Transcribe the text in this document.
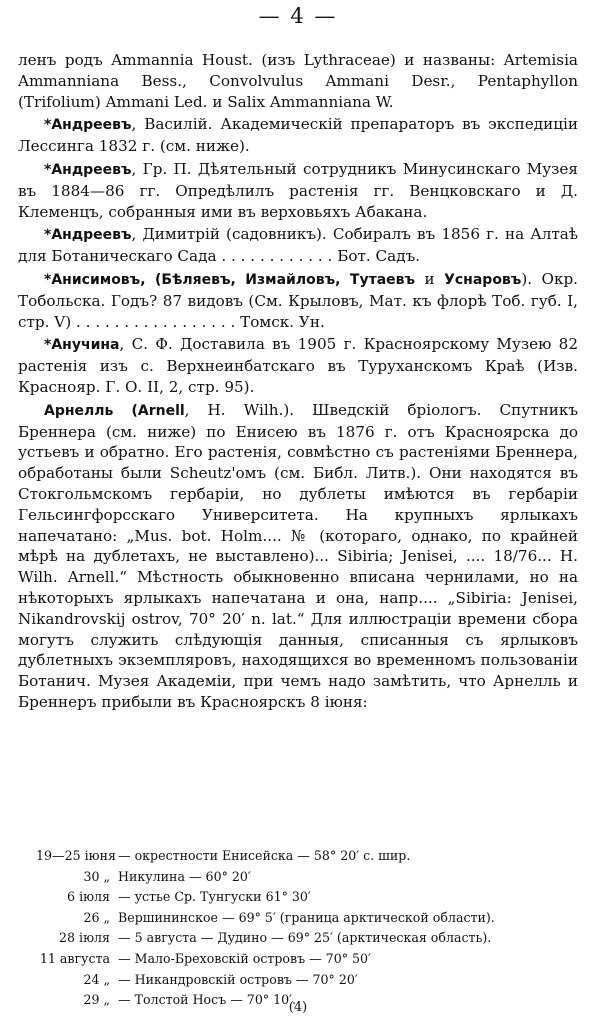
— 4 —

ленъ родъ Ammannia Houst. (изъ Lythraceae) и названы: Artemisia Ammanniana Bess., Convolvulus Ammani Desr., Pentaphyllon (Trifolium) Ammani Led. и Salix Ammanniana W.

*Андреевъ, Василій. Академическій препараторъ въ экспедиціи Лессинга 1832 г. (см. ниже).

*Андреевъ, Гр. П. Дѣятельный сотрудникъ Минусинскаго Музея въ 1884—86 гг. Опредѣлилъ растенія гг. Венцковскаго и Д. Клеменцъ, собранныя ими въ верховьяхъ Абакана.

*Андреевъ, Димитрій (садовникъ). Собиралъ въ 1856 г. на Алтаѣ для Ботаническаго Сада . . . . . . . . . . . . Бот. Садъ.

*Анисимовъ, (Бѣляевъ, Измайловъ, Тутаевъ и Уснаровъ). Окр. Тобольска. Годъ? 87 видовъ (См. Крыловъ, Мат. къ флорѣ Тоб. губ. I, стр. V) . . . . . . . . . . . . . . . . . Томск. Ун.

*Анучина, С. Ф. Доставила въ 1905 г. Красноярскому Музею 82 растенія изъ с. Верхнеинбатскаго въ Туруханскомъ Краѣ (Изв. Краснояр. Г. О. II, 2, стр. 95).

Арнелль (Arnell, H. Wilh.). Шведскій бріологъ. Спутникъ Бреннера (см. ниже) по Енисею въ 1876 г. отъ Красноярска до устьевъ и обратно. Его растенія, совмѣстно съ растеніями Бреннера, обработаны были Scheutz'омъ (см. Библ. Литв.). Они находятся въ Стокгольмскомъ гербаріи, но дублеты имѣются въ гербаріи Гельсингфорсскаго Университета. На крупныхъ ярлыкахъ напечатано: „Mus. bot. Holm.... № (котораго, однако, по крайней мѣрѣ на дублетахъ, не выставлено)... Sibiria; Jenisei, .... 18/76... H. Wilh. Arnell.“ Мѣстность обыкновенно вписана чернилами, но на нѣкоторыхъ ярлыкахъ напечатана и она, напр.... „Sibiria: Jenisei, Nikandrovskij ostrov, 70° 20′ n. lat.“ Для иллюстраціи времени сбора могутъ служить слѣдующія данныя, списанныя съ ярлыковъ дублетныхъ экземпляровъ, находящихся во временномъ пользованіи Ботанич. Музея Академіи, при чемъ надо замѣтить, что Арнелль и Бреннеръ прибыли въ Красноярскъ 8 іюня:

19—25 іюня — окрестности Енисейска — 58° 20′ с. шир.
30 „ Никулина — 60° 20′
6 іюля — устье Ср. Тунгуски 61° 30′
26 „ Вершининское — 69° 5′ (граница арктической области).
28 іюля — 5 августа — Дудино — 69° 25′ (арктическая область).
11 августа — Мало-Бреховскій островъ — 70° 50′
24 „ — Никандровскій островъ — 70° 20′
29 „ — Толстой Носъ — 70° 10′.
(4)
